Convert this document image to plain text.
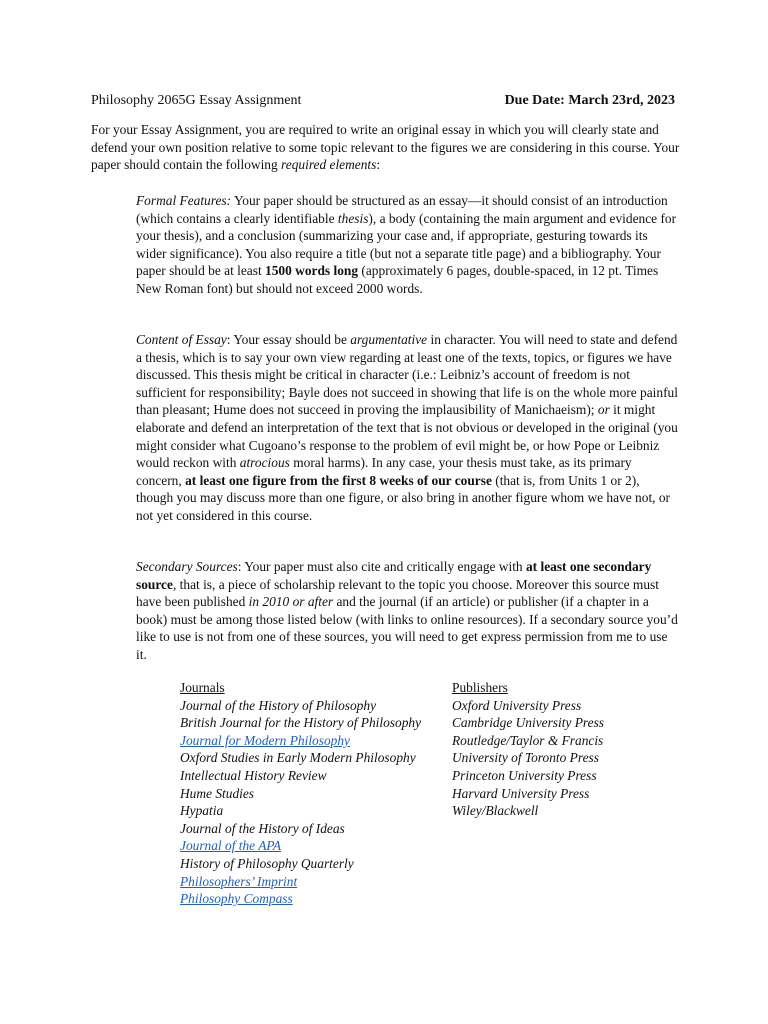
Philosophy 2065G Essay Assignment	Due Date: March 23rd, 2023

For your Essay Assignment, you are required to write an original essay in which you will clearly state and defend your own position relative to some topic relevant to the figures we are considering in this course. Your paper should contain the following required elements:

Formal Features: Your paper should be structured as an essay—it should consist of an introduction (which contains a clearly identifiable thesis), a body (containing the main argument and evidence for your thesis), and a conclusion (summarizing your case and, if appropriate, gesturing towards its wider significance). You also require a title (but not a separate title page) and a bibliography. Your paper should be at least 1500 words long (approximately 6 pages, double-spaced, in 12 pt. Times New Roman font) but should not exceed 2000 words.

Content of Essay: Your essay should be argumentative in character. You will need to state and defend a thesis, which is to say your own view regarding at least one of the texts, topics, or figures we have discussed. This thesis might be critical in character (i.e.: Leibniz’s account of freedom is not sufficient for responsibility; Bayle does not succeed in showing that life is on the whole more painful than pleasant; Hume does not succeed in proving the implausibility of Manichaeism); or it might elaborate and defend an interpretation of the text that is not obvious or developed in the original (you might consider what Cugoano’s response to the problem of evil might be, or how Pope or Leibniz would reckon with atrocious moral harms). In any case, your thesis must take, as its primary concern, at least one figure from the first 8 weeks of our course (that is, from Units 1 or 2), though you may discuss more than one figure, or also bring in another figure whom we have not, or not yet considered in this course.

Secondary Sources: Your paper must also cite and critically engage with at least one secondary source, that is, a piece of scholarship relevant to the topic you choose. Moreover this source must have been published in 2010 or after and the journal (if an article) or publisher (if a chapter in a book) must be among those listed below (with links to online resources). If a secondary source you’d like to use is not from one of these sources, you will need to get express permission from me to use it.

Journals
Journal of the History of Philosophy
British Journal for the History of Philosophy
Journal for Modern Philosophy
Oxford Studies in Early Modern Philosophy
Intellectual History Review
Hume Studies
Hypatia
Journal of the History of Ideas
Journal of the APA
History of Philosophy Quarterly
Philosophers’ Imprint
Philosophy Compass
Publishers
Oxford University Press
Cambridge University Press
Routledge/Taylor & Francis
University of Toronto Press
Princeton University Press
Harvard University Press
Wiley/Blackwell
